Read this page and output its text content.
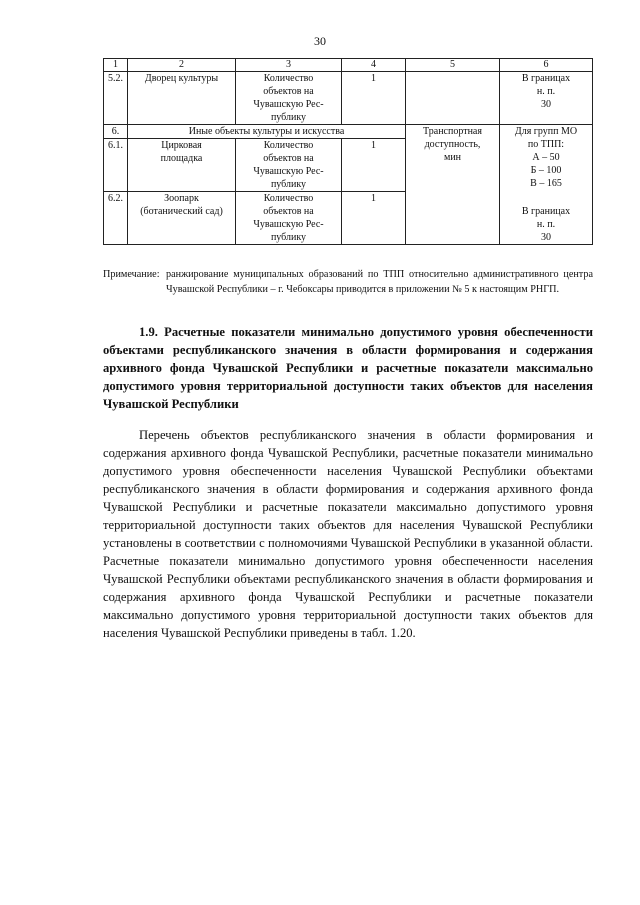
30
1	2	3	4	5	6
5.2.	Дворец культуры	Количество
объектов на
Чувашскую Рес-
публику	1		В границах
н. п.
30
6.	Иные объекты культуры и искусства			Транспортная
доступность,
мин	Для групп МО
по ТПП:
А – 50
Б – 100
В – 165
6.1.	Цирковая
площадка	Количество
объектов на
Чувашскую Рес-
публику	1		
6.2.	Зоопарк
(ботанический сад)	Количество
объектов на
Чувашскую Рес-
публику	1		В границах
н. п.
30
Примечание: ранжирование муниципальных образований по ТПП относительно административного центра Чувашской Республики – г. Чебоксары приводится в приложении № 5 к настоящим РНГП.
1.9. Расчетные показатели минимально допустимого уровня обеспеченности объектами республиканского значения в области формирования и содержания архивного фонда Чувашской Республики и расчетные показатели максимально допустимого уровня территориальной доступности таких объектов для населения Чувашской Республики
Перечень объектов республиканского значения в области формирования и содержания архивного фонда Чувашской Республики, расчетные показатели минимально допустимого уровня обеспеченности населения Чувашской Республики объектами республиканского значения в области формирования и содержания архивного фонда Чувашской Республики и расчетные показатели максимально допустимого уровня территориальной доступности таких объектов для населения Чувашской Республики установлены в соответствии с полномочиями Чувашской Республики в указанной области. Расчетные показатели минимально допустимого уровня обеспеченности населения Чувашской Республики объектами республиканского значения в области формирования и содержания архивного фонда Чувашской Республики и расчетные показатели максимально допустимого уровня территориальной доступности таких объектов для населения Чувашской Республики приведены в табл. 1.20.
